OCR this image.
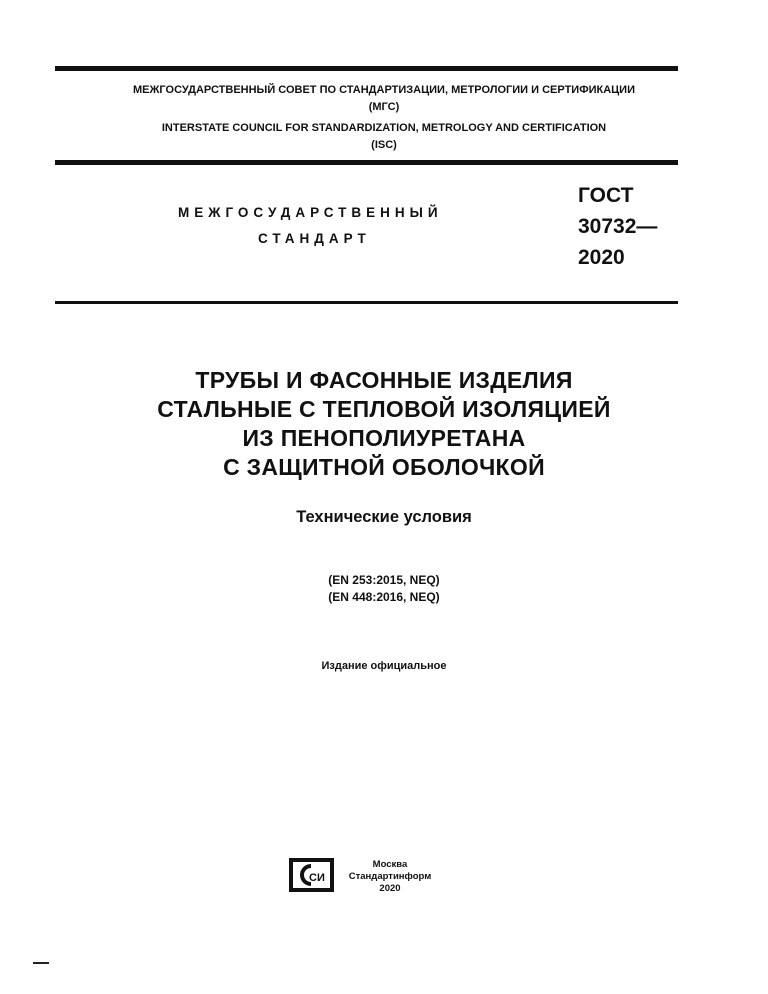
МЕЖГОСУДАРСТВЕННЫЙ СОВЕТ ПО СТАНДАРТИЗАЦИИ, МЕТРОЛОГИИ И СЕРТИФИКАЦИИ
(МГС)
INTERSTATE COUNCIL FOR STANDARDIZATION, METROLOGY AND CERTIFICATION
(ISC)
МЕЖГОСУДАРСТВЕННЫЙ
СТАНДАРТ
ГОСТ
30732—
2020
ТРУБЫ И ФАСОННЫЕ ИЗДЕЛИЯ
СТАЛЬНЫЕ С ТЕПЛОВОЙ ИЗОЛЯЦИЕЙ
ИЗ ПЕНОПОЛИУРЕТАНА
С ЗАЩИТНОЙ ОБОЛОЧКОЙ
Технические условия
(EN 253:2015, NEQ)
(EN 448:2016, NEQ)
Издание официальное
СИ
Москва
Стандартинформ
2020
